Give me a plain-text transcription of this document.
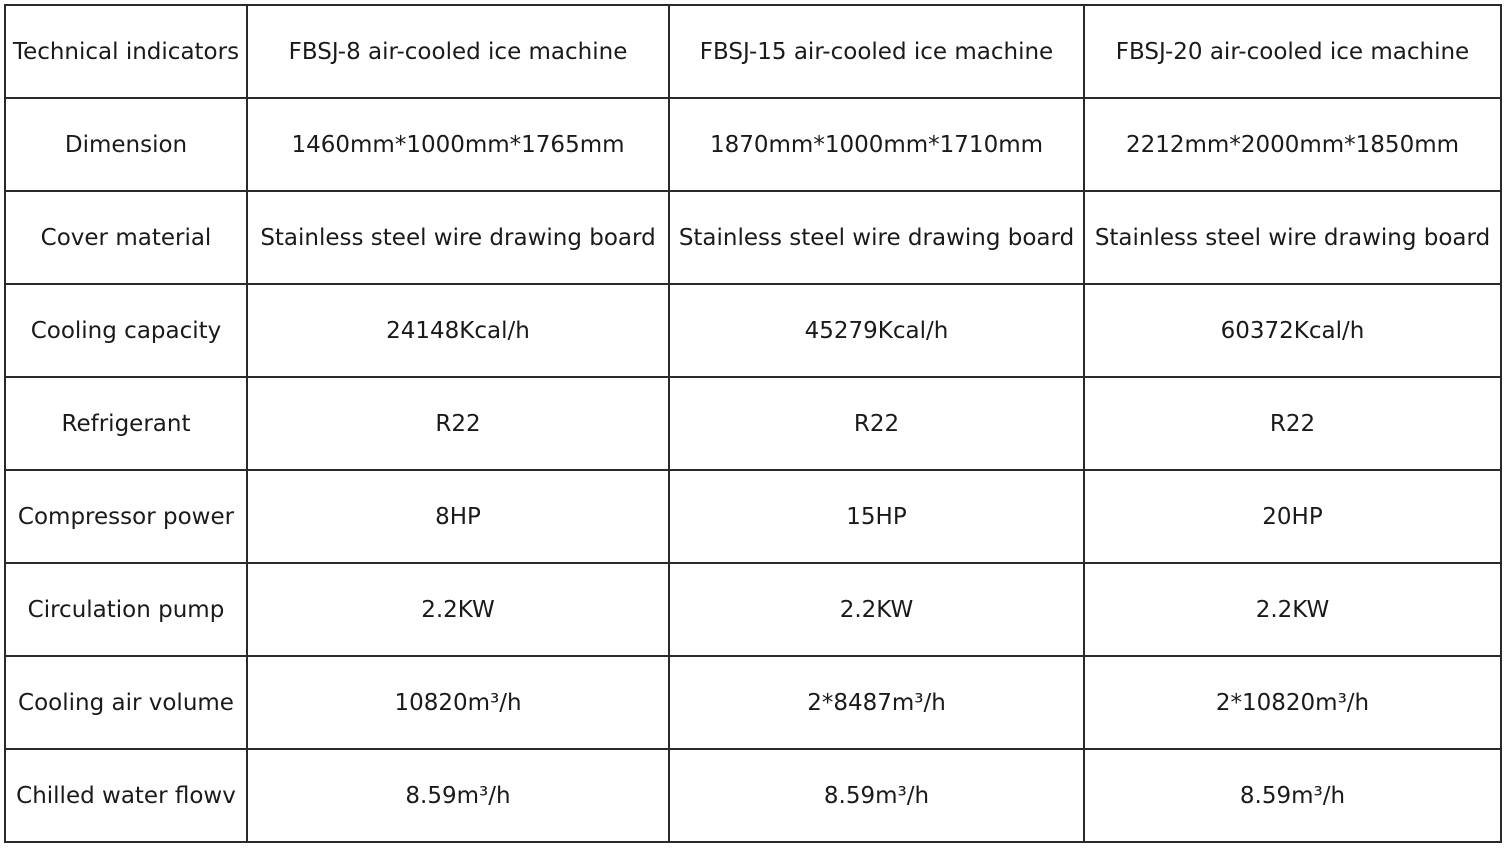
Technical indicators	FBSJ-8 air-cooled ice machine	FBSJ-15 air-cooled ice machine	FBSJ-20 air-cooled ice machine
Dimension	1460mm*1000mm*1765mm	1870mm*1000mm*1710mm	2212mm*2000mm*1850mm
Cover material	Stainless steel wire drawing board	Stainless steel wire drawing board	Stainless steel wire drawing board
Cooling capacity	24148Kcal/h	45279Kcal/h	60372Kcal/h
Refrigerant	R22	R22	R22
Compressor power	8HP	15HP	20HP
Circulation pump	2.2KW	2.2KW	2.2KW
Cooling air volume	10820m³/h	2*8487m³/h	2*10820m³/h
Chilled water flowv	8.59m³/h	8.59m³/h	8.59m³/h
